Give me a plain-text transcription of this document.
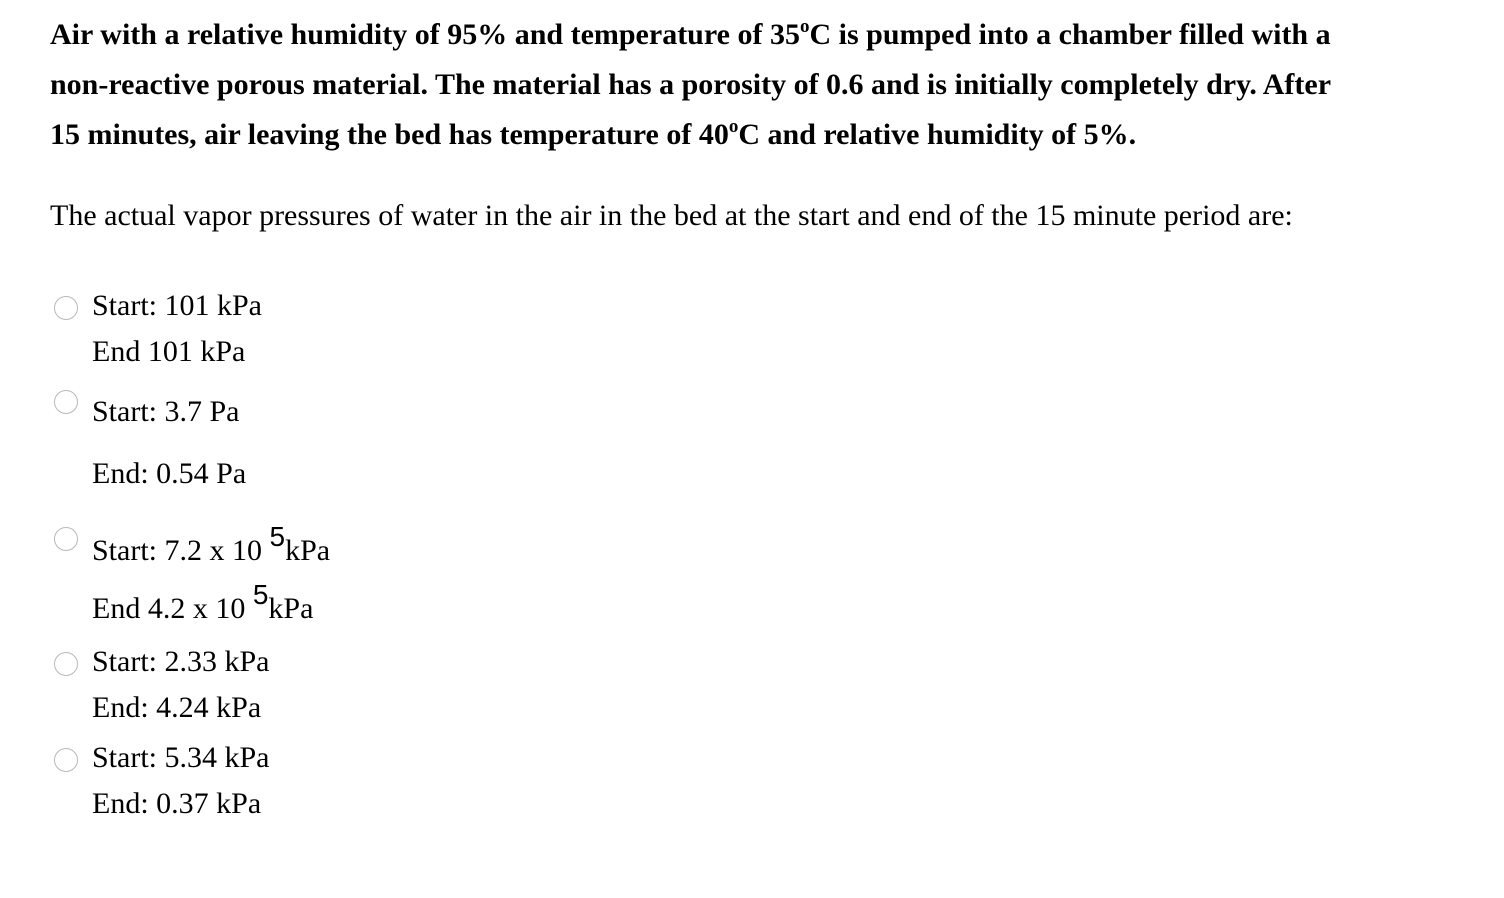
Air with a relative humidity of 95% and temperature of 35$^o$C is pumped into a chamber filled with a
non-reactive porous material. The material has a porosity of 0.6 and is initially completely dry. After
15 minutes, air leaving the bed has temperature of 40$^o$C and relative humidity of 5%.

The actual vapor pressures of water in the air in the bed at the start and end of the 15 minute period are:

Start: 101 kPa
End 101 kPa
Start: 3.7 Pa
End: 0.54 Pa
Start: 7.2 x 10 5kPa
End 4.2 x 10 5kPa
Start: 2.33 kPa
End: 4.24 kPa
Start: 5.34 kPa
End: 0.37 kPa
